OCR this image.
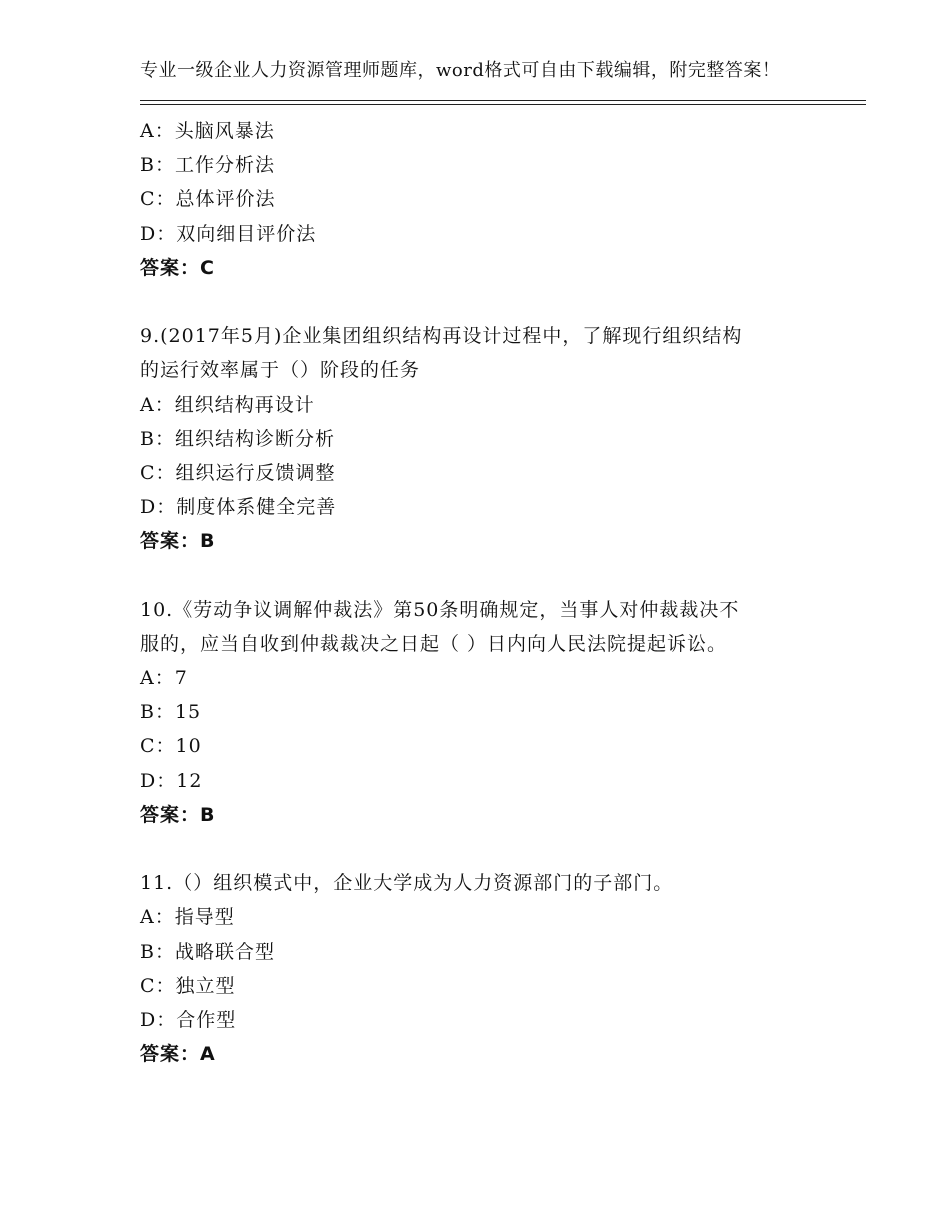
专业一级企业人力资源管理师题库，word格式可自由下载编辑，附完整答案！
A：头脑风暴法
B：工作分析法
C：总体评价法
D：双向细目评价法
答案：C
9.(2017年5月)企业集团组织结构再设计过程中，了解现行组织结构
的运行效率属于（）阶段的任务
A：组织结构再设计
B：组织结构诊断分析
C：组织运行反馈调整
D：制度体系健全完善
答案：B
10.《劳动争议调解仲裁法》第50条明确规定，当事人对仲裁裁决不
服的，应当自收到仲裁裁决之日起（ ）日内向人民法院提起诉讼。
A：7
B：15
C：10
D：12
答案：B
11.（）组织模式中，企业大学成为人力资源部门的子部门。
A：指导型
B：战略联合型
C：独立型
D：合作型
答案：A
